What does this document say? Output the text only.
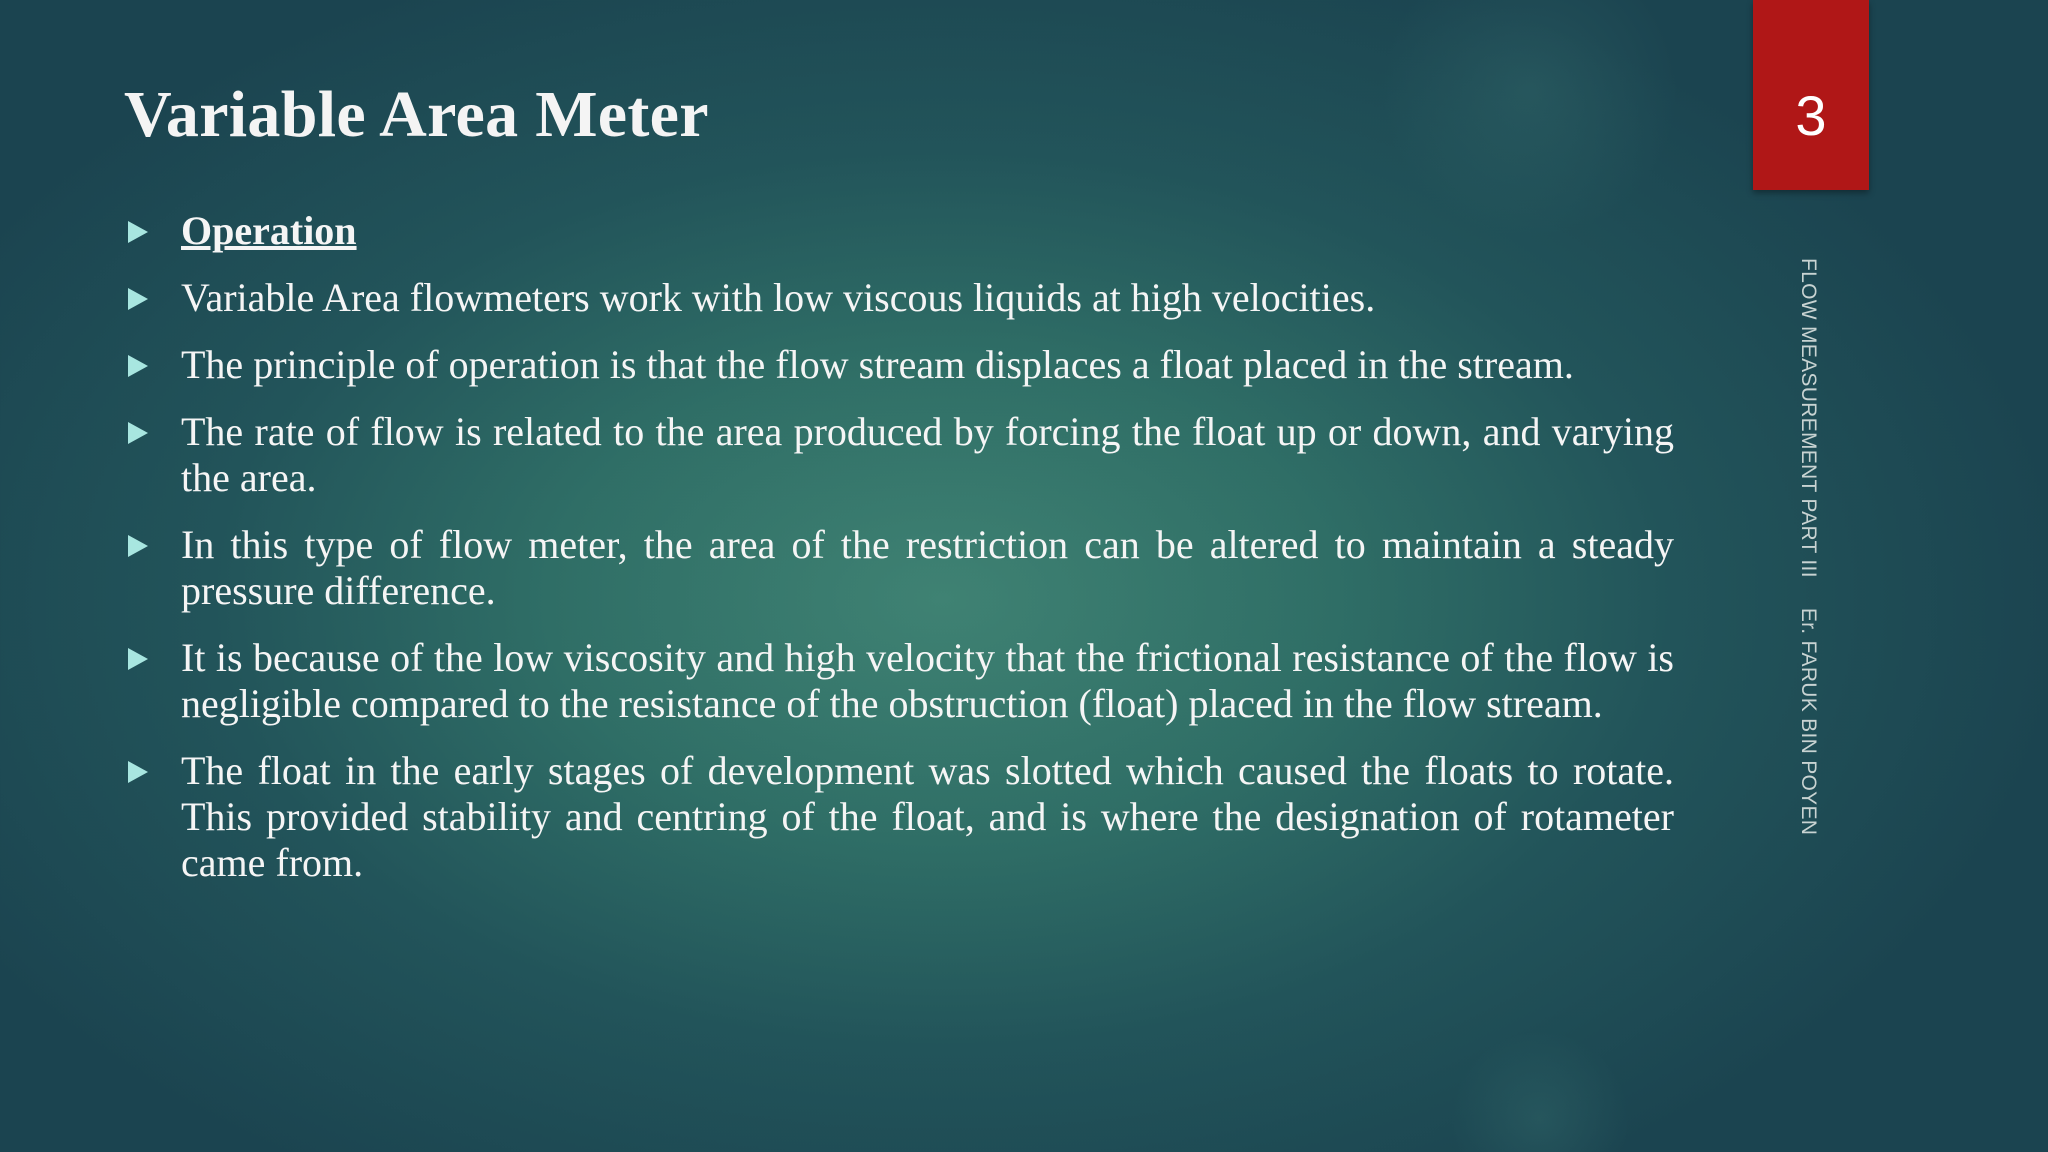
Variable Area Meter	3
FLOW MEASUREMENT PART IIIEr. FARUK BIN POYEN
Operation
Variable Area flowmeters work with low viscous liquids at high velocities.
The principle of operation is that the flow stream displaces a float placed in the stream.
The rate of flow is related to the area produced by forcing the float up or down, and varying the area.
In this type of flow meter, the area of the restriction can be altered to maintain a steady pressure difference.
It is because of the low viscosity and high velocity that the frictional resistance of the flow is negligible compared to the resistance of the obstruction (float) placed in the flow stream.
The float in the early stages of development was slotted which caused the floats to rotate. This provided stability and centring of the float, and is where the designation of rotameter came from.
